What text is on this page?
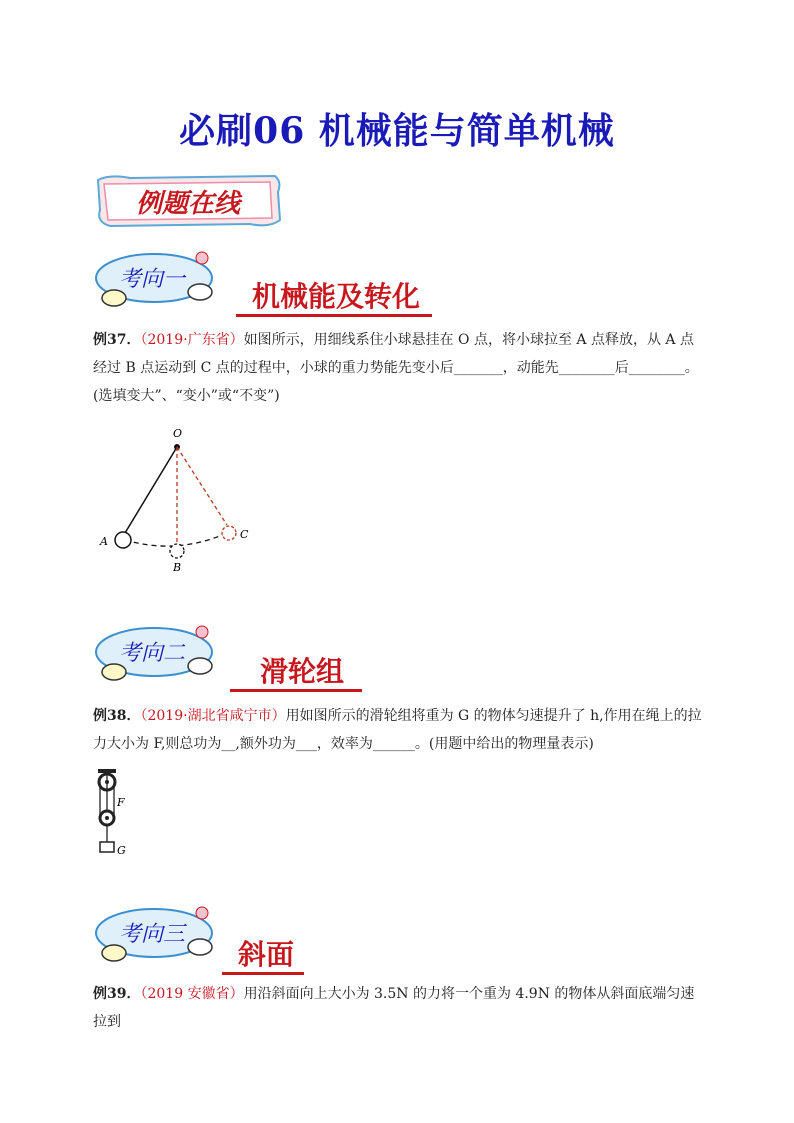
必刷06 机械能与简单机械
例题在线
考向一
机械能及转化
例37．（2019·广东省）如图所示，用细线系住小球悬挂在 O 点，将小球拉至 A 点释放，从 A 点经过 B 点运动到 C 点的过程中，小球的重力势能先变小后_______，动能先________后________。(选填变大”、“变小”或“不变”)
O
A
B
C
考向二
滑轮组
例38．（2019·湖北省咸宁市）用如图所示的滑轮组将重为 G 的物体匀速提升了 h,作用在绳上的拉力大小为 F,则总功为__,额外功为___，效率为______。(用题中给出的物理量表示)
F
G
考向三
斜面
例39．（2019 安徽省）用沿斜面向上大小为 3.5N 的力将一个重为 4.9N 的物体从斜面底端匀速拉到
